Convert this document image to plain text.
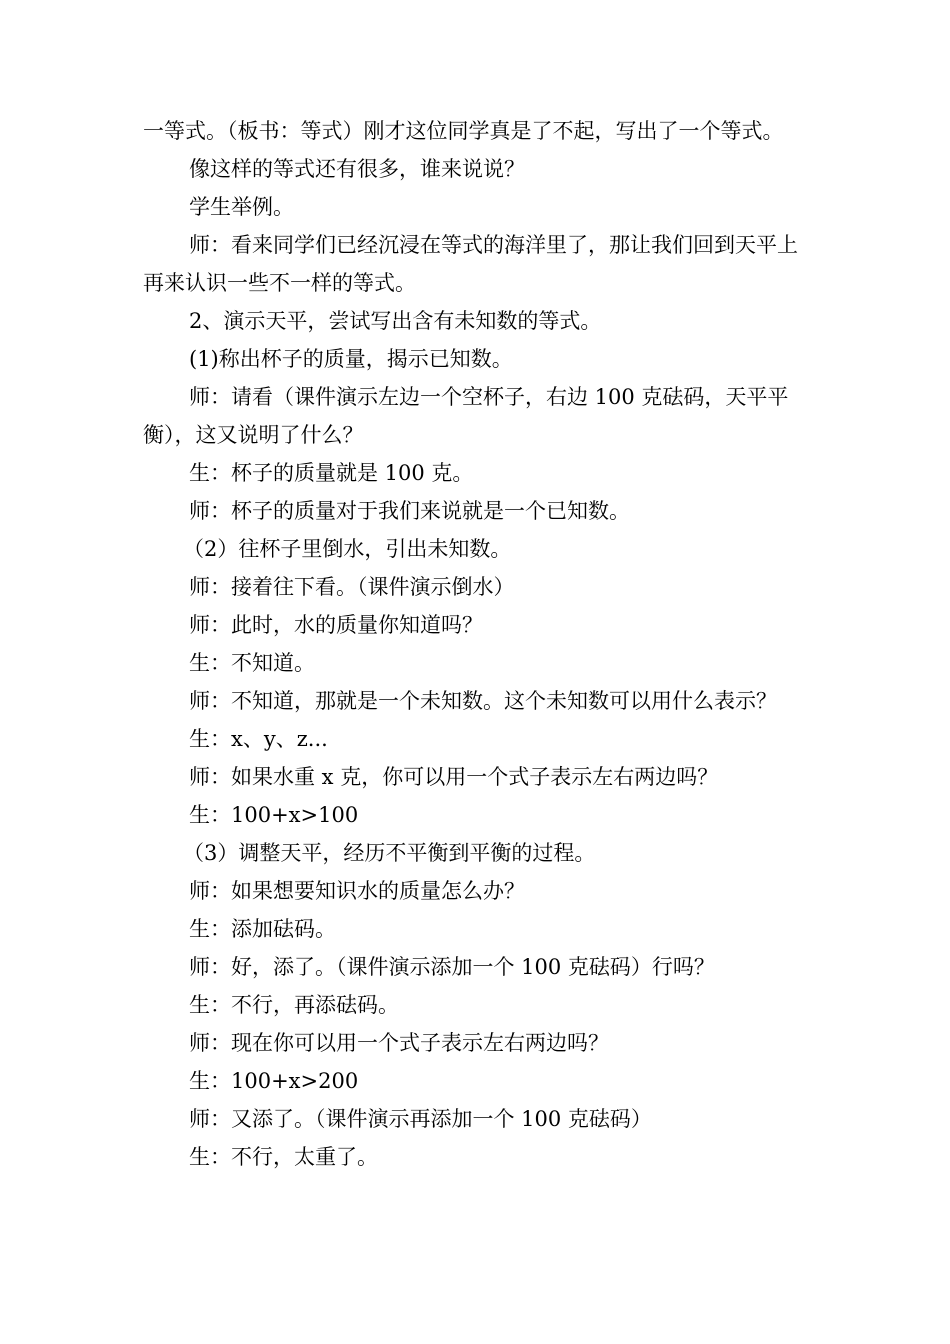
一等式。（板书：等式）刚才这位同学真是了不起，写出了一个等式。

像这样的等式还有很多，谁来说说？

学生举例。

师：看来同学们已经沉浸在等式的海洋里了，那让我们回到天平上再来认识一些不一样的等式。

2、演示天平，尝试写出含有未知数的等式。

(1)称出杯子的质量，揭示已知数。

师：请看（课件演示左边一个空杯子，右边 100 克砝码，天平平衡），这又说明了什么？

生：杯子的质量就是 100 克。

师：杯子的质量对于我们来说就是一个已知数。

（2）往杯子里倒水，引出未知数。

师：接着往下看。（课件演示倒水）

师：此时，水的质量你知道吗？

生：不知道。

师：不知道，那就是一个未知数。这个未知数可以用什么表示？

生：x、y、z...

师：如果水重 x 克，你可以用一个式子表示左右两边吗？

生：100+x>100

（3）调整天平，经历不平衡到平衡的过程。

师：如果想要知识水的质量怎么办？

生：添加砝码。

师：好，添了。（课件演示添加一个 100 克砝码）行吗？

生：不行，再添砝码。

师：现在你可以用一个式子表示左右两边吗？

生：100+x>200

师：又添了。（课件演示再添加一个 100 克砝码）

生：不行，太重了。
